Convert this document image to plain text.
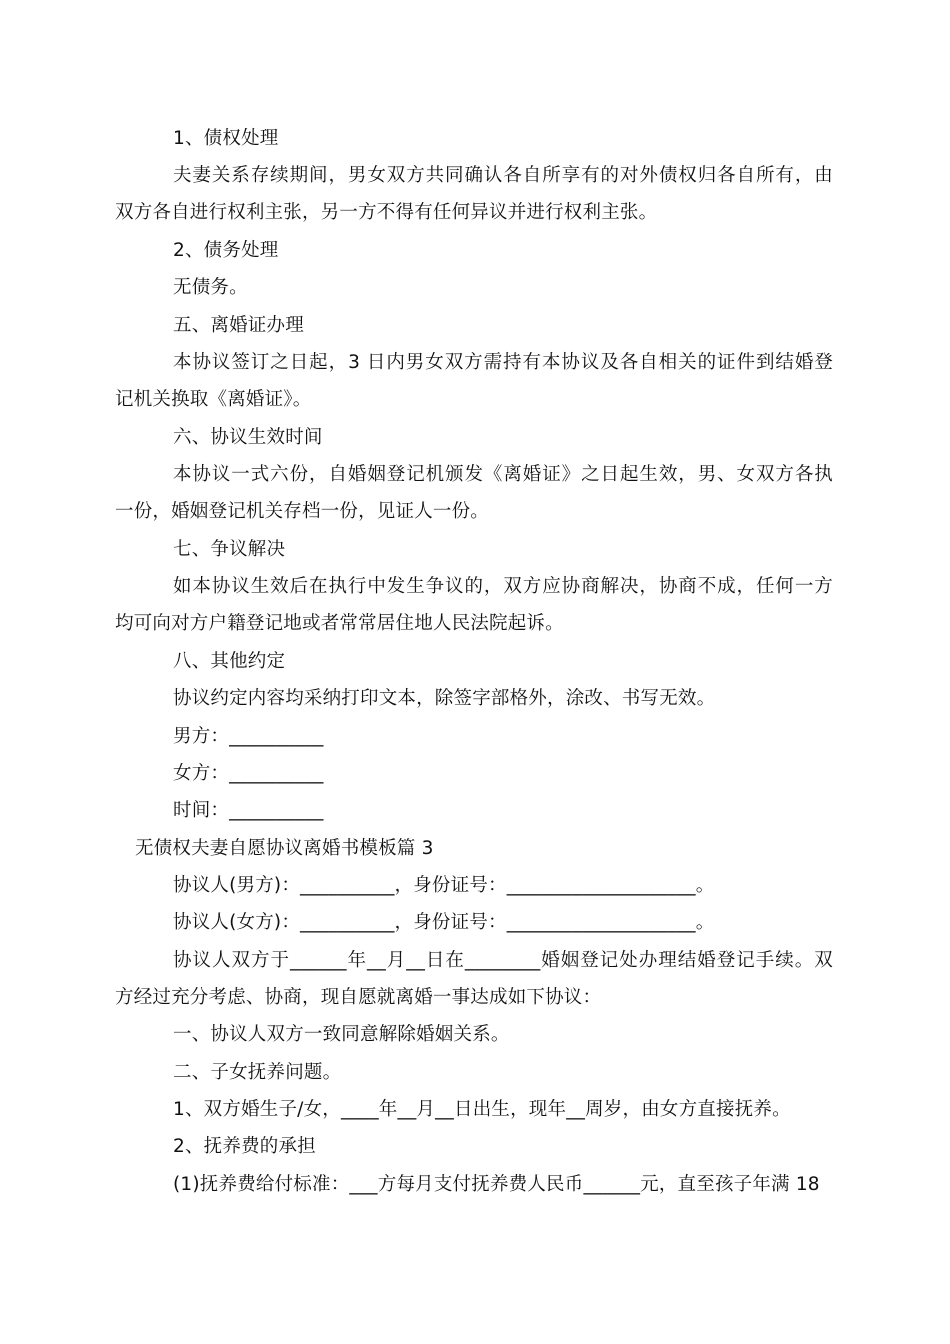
1、债权处理
夫妻关系存续期间，男女双方共同确认各自所享有的对外债权归各自所有，由
双方各自进行权利主张，另一方不得有任何异议并进行权利主张。
2、债务处理
无债务。
五、离婚证办理
本协议签订之日起，3 日内男女双方需持有本协议及各自相关的证件到结婚登
记机关换取《离婚证》。
六、协议生效时间
本协议一式六份，自婚姻登记机颁发《离婚证》之日起生效，男、女双方各执
一份，婚姻登记机关存档一份，见证人一份。
七、争议解决
如本协议生效后在执行中发生争议的，双方应协商解决，协商不成，任何一方
均可向对方户籍登记地或者常常居住地人民法院起诉。
八、其他约定
协议约定内容均采纳打印文本，除签字部格外，涂改、书写无效。
男方：__________
女方：__________
时间：__________
无债权夫妻自愿协议离婚书模板篇 3
协议人(男方)：__________，身份证号：____________________。
协议人(女方)：__________，身份证号：____________________。
协议人双方于______年__月__日在________婚姻登记处办理结婚登记手续。双
方经过充分考虑、协商，现自愿就离婚一事达成如下协议：
一、协议人双方一致同意解除婚姻关系。
二、子女抚养问题。
1、双方婚生子/女，____年__月__日出生，现年__周岁，由女方直接抚养。
2、抚养费的承担
(1)抚养费给付标准：___方每月支付抚养费人民币______元，直至孩子年满 18
